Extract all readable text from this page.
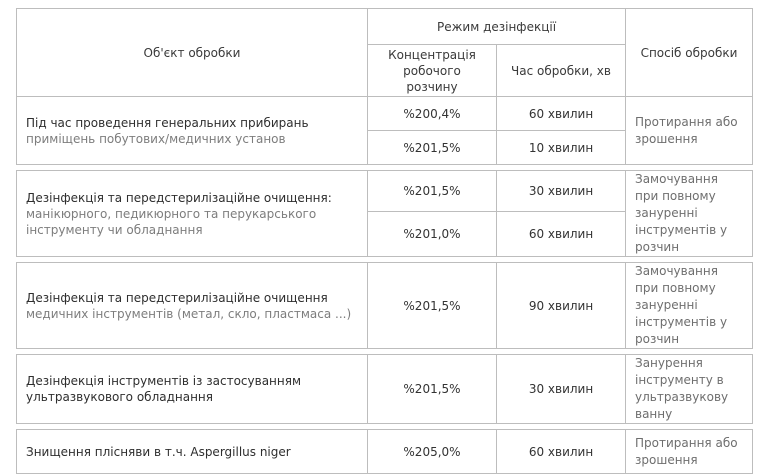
Об'єкт обробки	Режим дезінфекції		Спосіб обробки
	Концентрація робочого розчину	Час обробки, хв	
Під час проведення генеральних прибирань приміщень побутових/медичних установ	%200,4%	60 хвилин	Протирання або зрошення
	%201,5%	10 хвилин	

Дезінфекція та передстерилізаційне очищення: манікюрного, педикюрного та перукарського інструменту чи обладнання	%201,5%	30 хвилин	Замочування при повному зануренні інструментів у розчин
	%201,0%	60 хвилин	

Дезінфекція та передстерилізаційне очищення медичних інструментів (метал, скло, пластмаса ...)	%201,5%	90 хвилин	Замочування при повному зануренні інструментів у розчин

Дезінфекція інструментів із застосуванням ультразвукового обладнання	%201,5%	30 хвилин	Занурення інструменту в ультразвукову ванну

Знищення плісняви в т.ч. Aspergillus niger	%205,0%	60 хвилин	Протирання або зрошення
